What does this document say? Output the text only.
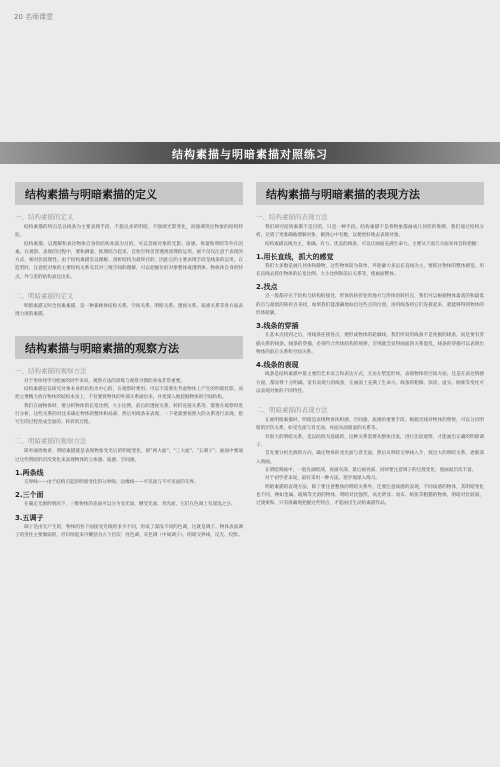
20 名师课堂
结构素描与明暗素描对照练习
结构素描与明暗素描的定义
一、结构素描的定义

结构素描的特点是以线条为主要表现手段，不施以多的明暗，不强调光影变化，而强调突出物象的结构特征。

结构素描，以理解和表达物体自身的结构本质为目的，可以忽视对象的光影、质感、体量和明暗等外在因素。在观察、表现的过程中，要和测量、推理结合起来，自始至终贯穿透视原理的运用。画不仅仅注意于表现的方式，相对比较理性。由于结构素描是以理解、剖析结构为最终目的，因此它的主要表现手段是线条的运用，在造型时，注意把对象的主要结构关系及其对三维空间的理解，可以把握住的对象整体或透明体、物体体自身的特点、外与里的结构表达出来。

二、明暗素描的定义

明暗素描又叫全因素素描，是一种兼顾体结构关系、空间关系、明暗关系、透视关系、质感关系等各方面表现力度的素描。

结构素描与明暗素描的观察方法
一、结构素描的观察方法

对于用单纯学习绘画的同学来说，观察方法的训练与观察习惯的养成非常重要。

结构素描是以研究对象本身的结构为中心的，在观察时要用、可以不需要先考虑物体上产生的明暗投影，而把主要精力放在物体的结构本身上，不仅要将物体的外部关系画出来，并更深入地挖掘物体的空间结构。

我们在画物体时，要分析物体的长宽比例，大小比例，前后的透视关系，转折连接关系等，都要在观察时进行分析，这些关系的对比来确定物体的整体和局部，然后用线条来表现，一下笔就要按照大的关系进行表现。把写生的过程变成全面的、转折的过程。

二、明暗素描的观察方法

简单通俗地讲，明暗素描就是表现物象受光后的明暗变化，即"两大面"、"三大面"、"五调子"。画面中要通过这些明暗的层次变化来表现物体的立体感、质感、空间感。

1.两条线

交界线——由于结构引起的明暗变化的分界线；边缘线——可见面与不可见面的交界。

2.三个面

在确定光源的情况下，三维物体的表面可以分为受光面、侧受光面、背光面，它们在色调上有深浅之分。

3.五调子

调子是由光产生的，物体的各个面接受光线的多少不同，形成了深浅不同的色调，这就是调子。物体表面调子的变化主要微弱的，但归纳起来可概括为五个层次：亮色调、灰色调（中间调子）、明暗交界线、反光、投影。

结构素描与明暗素描的表现方法
一、结构素描的表现方法

我们研究结构素描不是目的，只是一种手段。结构素描不是将物象都画成几何形的堆砌，我们通过结构分析，达到了更准确地理解对象，做到心中有数，以便更好地去表现对象。

结构素描以线为主，准确、有力、优美的线条，可以让画面充满生命力。主要从下面几方面来体会和把握：

1.用长直线，抓大的感觉

我们大多数是画几何体和静物，这些物体较为简单，外轮廓大多以长直线为主，要抓住物体的整体感觉，用长直线去抓住物体的长宽比例、大小比例和前后关系等，使画面整体。

2.找点

点一般都存在于结构与结构衔接处，形体的转折处的地方与形体的转折点，我们可以根据物体最高的和最低的点与最低的转折点来找，如果我们能准确地标出这些点的位置，再用线条将它们连接起来，就能够得到物体的形体轮廓。

3.线条的穿插

在基本点找到之后，用线条连接各点，便形成物体的轮廓线。我们所说的线条不是死板的线条，而是要有穿插关系的线条。线条的穿插，必须符合形体结构的规律，否则就会显得画面的关系混乱，线条的穿插可以表现出物体的前后关系和空间关系。

4.线条的表现

线条是结构素描中最主要的艺术语言和表达方式，无论在塑造形体，表现物体的空间方面，还是在表达情感方面，都显得十分明确。富有表现力的线条，在画面上充满了生命力。线条的粗细、浓淡、虚实、刚柔等变化可以表现对象的不同特性。

二、明暗素描的表现方法

在画明暗素描时，明暗是表现物体体积感、空间感、质感的重要手段。根据光线对物体的照射，可以分出明暗的层次关系，如受光面与背光面、亮面灰面暗面的关系等。

有很大的明暗关系，是以结构为基础的，这种关系需要从整体出发，进行比较观察，才能画出正确的明暗调子。

首先要分析光源的方向，确定物体的受光面与背光面，然后从明暗交界线入手，找出大的明暗关系，逐渐深入刻画。

在明暗刻画中，一般先画暗部，再画灰部，最后画亮部，同时要注意调子的过渡变化，使画面层次丰富。

对于初学者来说，最好采用一种方法，逐步地深入练习。

明暗素描的表现方法，除了要注意整体的明暗关系外，还要注意质感的表现，不同质感的物体，其明暗变化也不同，例如金属、玻璃等光滑的物体，明暗对比强烈，高光明显；而布、纸张等粗糙的物体，明暗对比较弱，过渡柔和。只有准确地把握这些特点，才能画出生动的素描作品。
